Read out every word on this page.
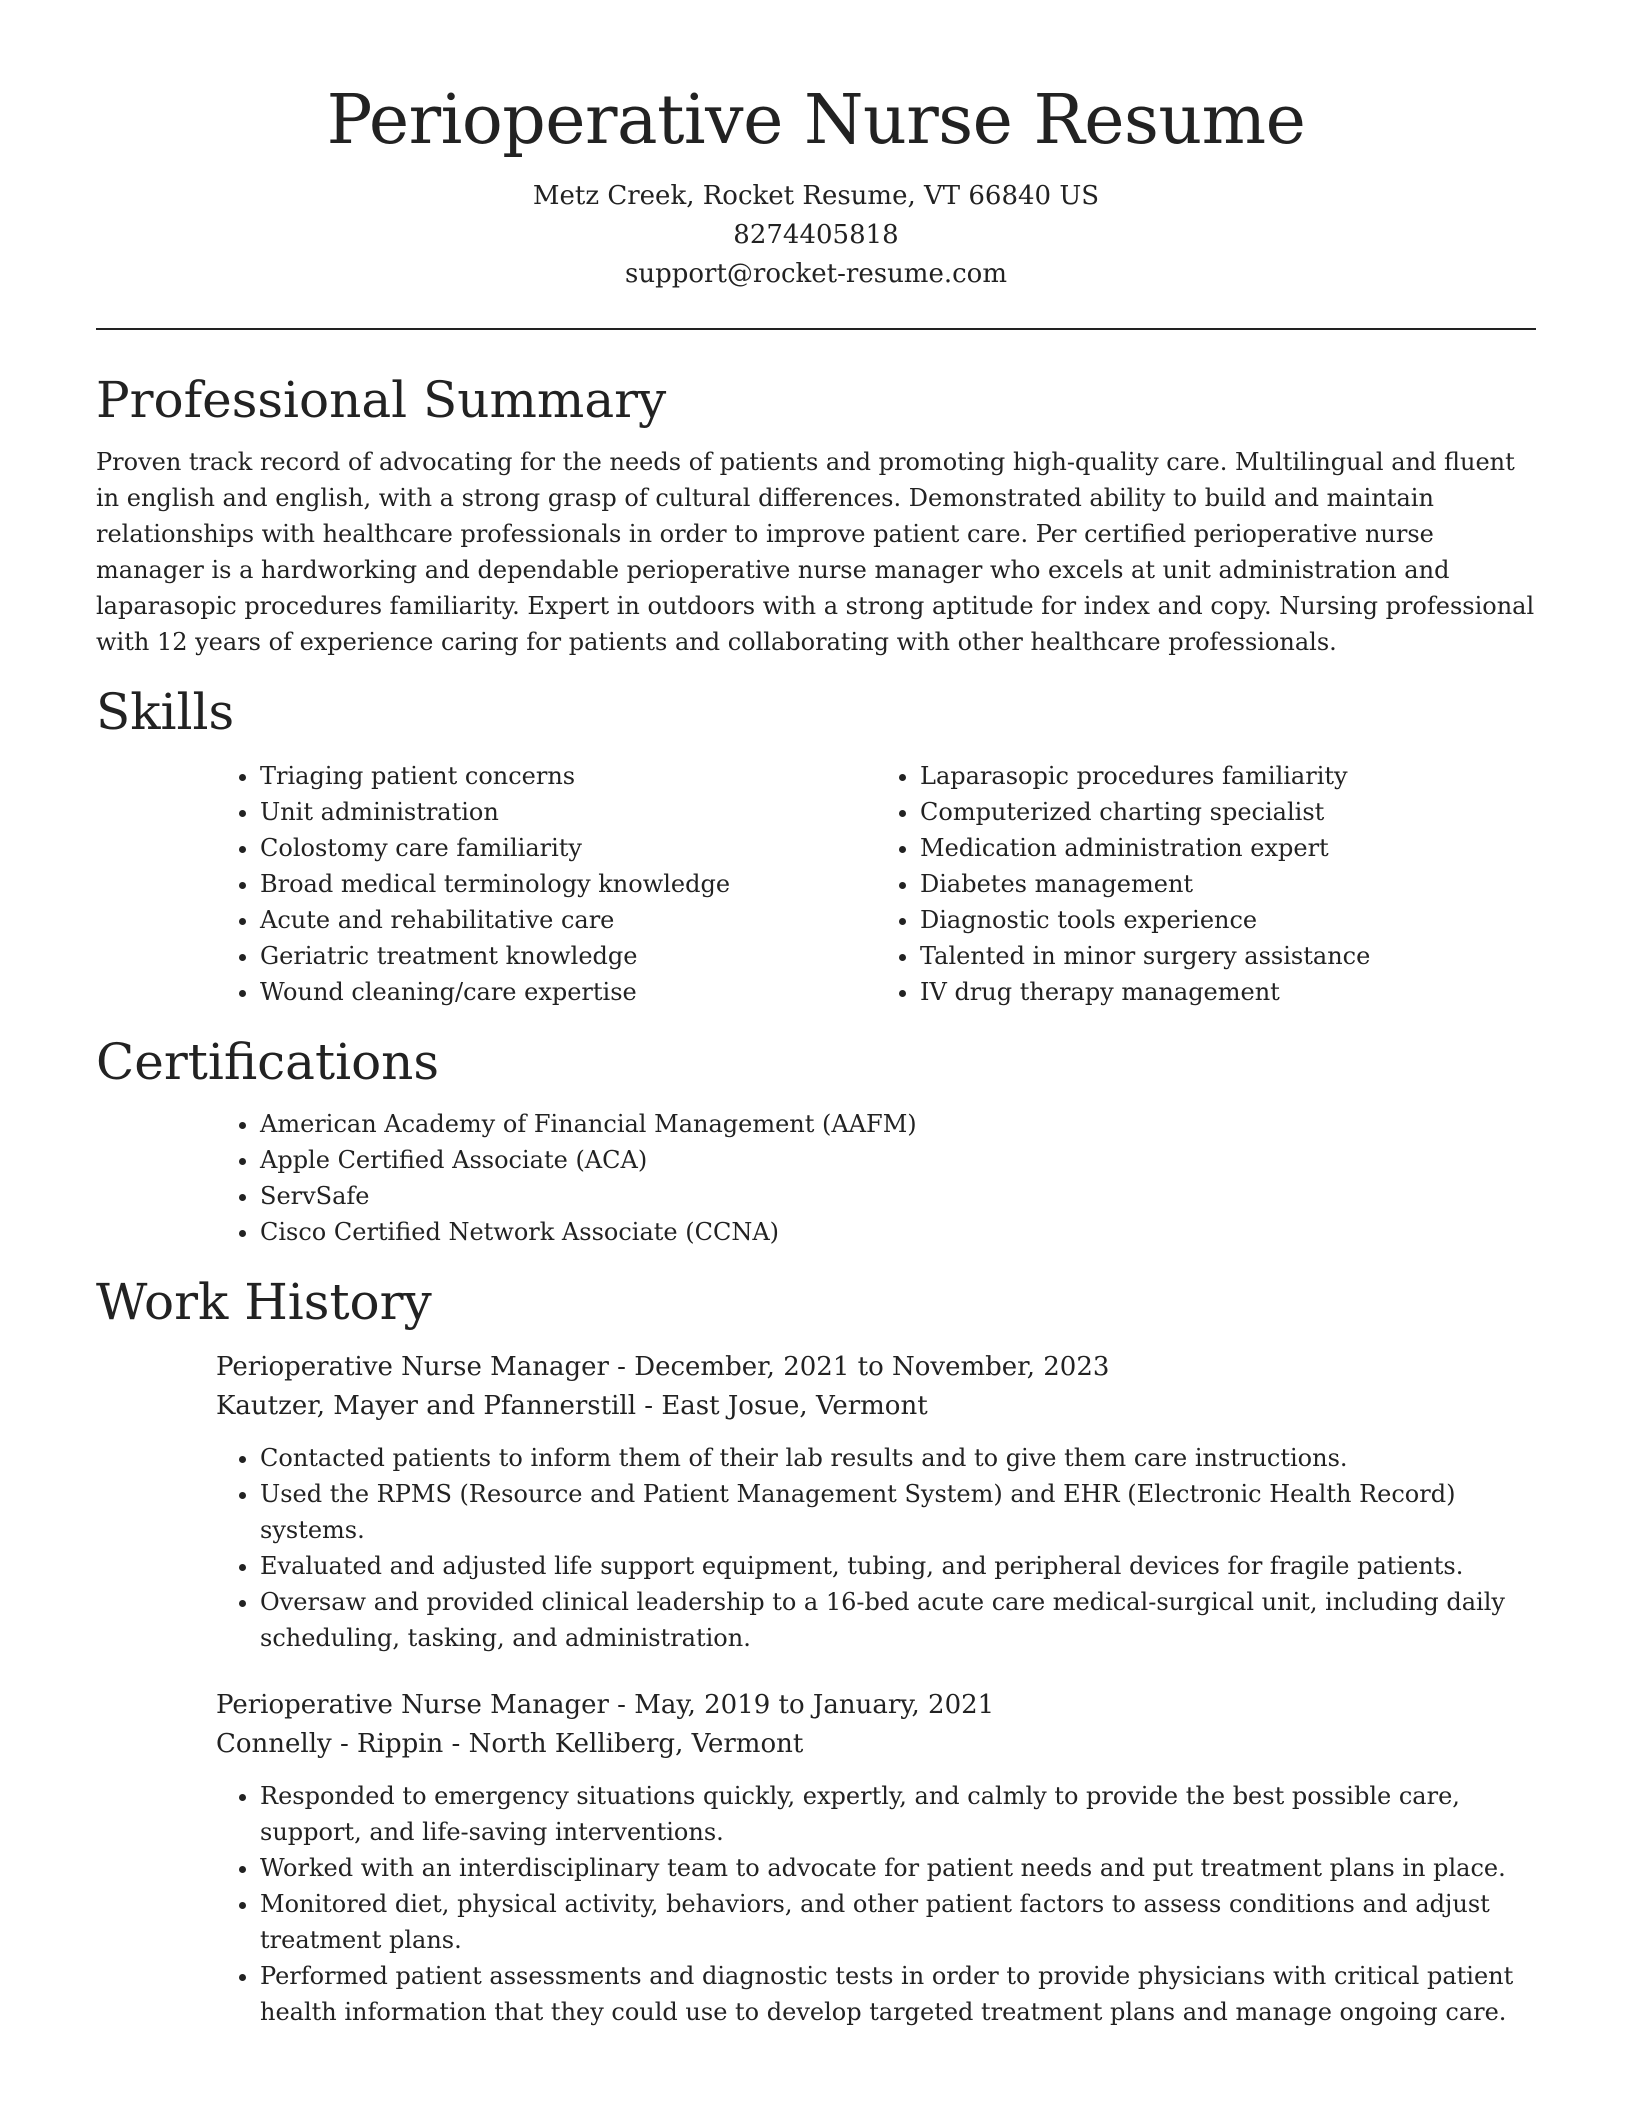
Perioperative Nurse Resume
Metz Creek, Rocket Resume, VT 66840 US
8274405818
support@rocket-resume.com
Professional Summary

Proven track record of advocating for the needs of patients and promoting high-quality care. Multilingual and fluent in english and english, with a strong grasp of cultural differences. Demonstrated ability to build and maintain relationships with healthcare professionals in order to improve patient care. Per certified perioperative nurse manager is a hardworking and dependable perioperative nurse manager who excels at unit administration and laparasopic procedures familiarity. Expert in outdoors with a strong aptitude for index and copy. Nursing professional with 12 years of experience caring for patients and collaborating with other healthcare professionals.

Skills
• Triaging patient concerns
• Unit administration
• Colostomy care familiarity
• Broad medical terminology knowledge
• Acute and rehabilitative care
• Geriatric treatment knowledge
• Wound cleaning/care expertise
• Laparasopic procedures familiarity
• Computerized charting specialist
• Medication administration expert
• Diabetes management
• Diagnostic tools experience
• Talented in minor surgery assistance
• IV drug therapy management
Certifications
• American Academy of Financial Management (AAFM)
• Apple Certified Associate (ACA)
• ServSafe
• Cisco Certified Network Associate (CCNA)
Work History
Perioperative Nurse Manager - December, 2021 to November, 2023
Kautzer, Mayer and Pfannerstill - East Josue, Vermont
• Contacted patients to inform them of their lab results and to give them care instructions.
• Used the RPMS (Resource and Patient Management System) and EHR (Electronic Health Record) systems.
• Evaluated and adjusted life support equipment, tubing, and peripheral devices for fragile patients.
• Oversaw and provided clinical leadership to a 16-bed acute care medical-surgical unit, including daily scheduling, tasking, and administration.
Perioperative Nurse Manager - May, 2019 to January, 2021
Connelly - Rippin - North Kelliberg, Vermont
• Responded to emergency situations quickly, expertly, and calmly to provide the best possible care, support, and life-saving interventions.
• Worked with an interdisciplinary team to advocate for patient needs and put treatment plans in place.
• Monitored diet, physical activity, behaviors, and other patient factors to assess conditions and adjust treatment plans.
• Performed patient assessments and diagnostic tests in order to provide physicians with critical patient health information that they could use to develop targeted treatment plans and manage ongoing care.
